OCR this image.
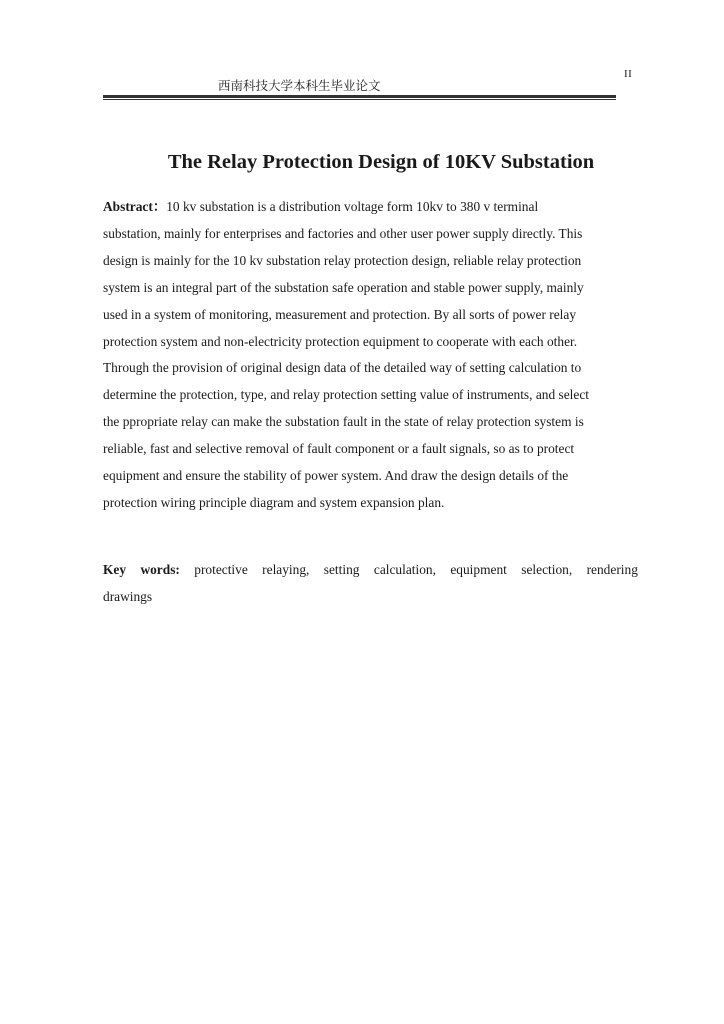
II
西南科技大学本科生毕业论文
The Relay Protection Design of 10KV Substation
Abstract：10 kv substation is a distribution voltage form 10kv to 380 v terminal
substation, mainly for enterprises and factories and other user power supply directly. This
design is mainly for the 10 kv substation relay protection design, reliable relay protection
system is an integral part of the substation safe operation and stable power supply, mainly
used in a system of monitoring, measurement and protection. By all sorts of power relay
protection system and non-electricity protection equipment to cooperate with each other.
Through the provision of original design data of the detailed way of setting calculation to
determine the protection, type, and relay protection setting value of instruments, and select
the ppropriate relay can make the substation fault in the state of relay protection system is
reliable, fast and selective removal of fault component or a fault signals, so as to protect
equipment and ensure the stability of power system. And draw the design details of the
protection wiring principle diagram and system expansion plan.
Key words: protective relaying, setting calculation, equipment selection, rendering
drawings
